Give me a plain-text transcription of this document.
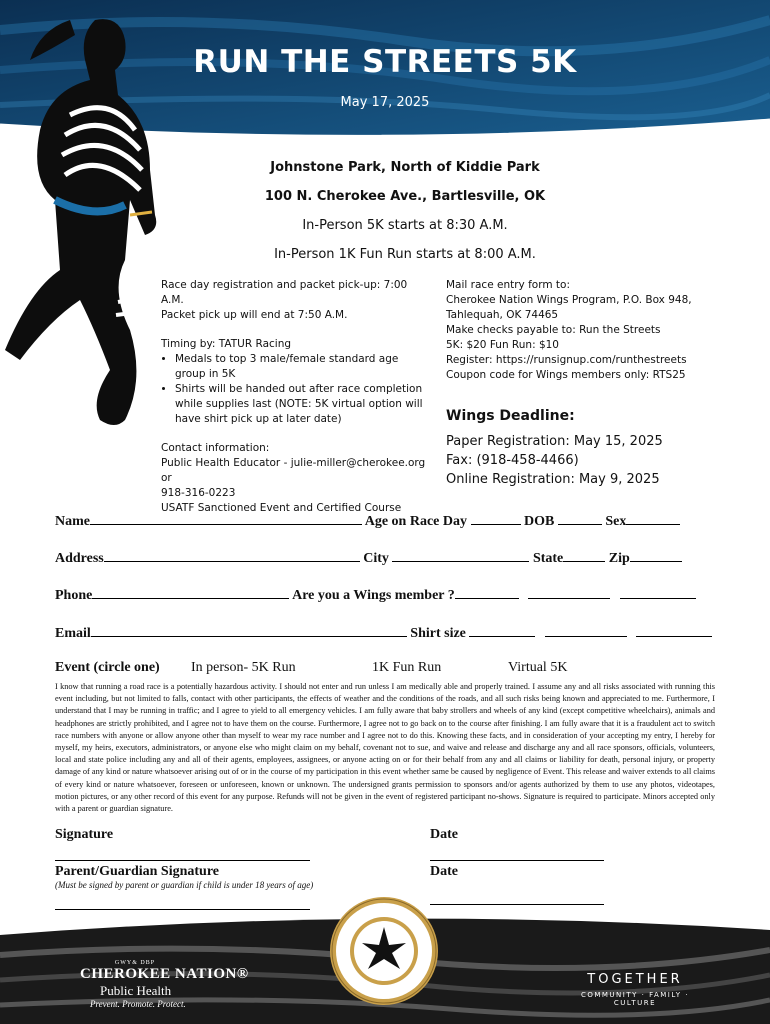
RUN THE STREETS 5K
May 17, 2025
Johnstone Park, North of Kiddie Park
100 N. Cherokee Ave., Bartlesville, OK
In-Person 5K starts at 8:30 A.M.
In-Person 1K Fun Run starts at 8:00 A.M.

Race day registration and packet pick-up: 7:00 A.M.

Packet pick up will end at 7:50 A.M.

Timing by: TATUR Racing

• Medals to top 3 male/female standard age group in 5K
• Shirts will be handed out after race completion while supplies last (NOTE: 5K virtual option will have shirt pick up at later date)

Contact information:

Public Health Educator - julie-miller@cherokee.org or

918-316-0223

USATF Sanctioned Event and Certified Course

Mail race entry form to:

Cherokee Nation Wings Program, P.O. Box 948,

Tahlequah, OK 74465

Make checks payable to: Run the Streets

5K: $20 Fun Run: $10

Register: https://runsignup.com/runthestreets

Coupon code for Wings members only: RTS25

Wings Deadline:
Paper Registration: May 15, 2025
Fax: (918-458-4466)
Online Registration: May 9, 2025
Name	Age on Race Day	DOB	Sex
Address	City	State	Zip
Phone	Are you a Wings member ?
Email	Shirt size
Event (circle one) In person- 5K Run	1K Fun Run	Virtual 5K
I know that running a road race is a potentially hazardous activity. I should not enter and run unless I am medically able and properly trained. I assume any and all risks associated with running this event including, but not limited to falls, contact with other participants, the effects of weather and the conditions of the roads, and all such risks being known and appreciated to me. Furthermore, I understand that I may be running in traffic; and I agree to yield to all emergency vehicles. I am fully aware that baby strollers and wheels of any kind (except competitive wheelchairs), animals and headphones are strictly prohibited, and I agree not to have them on the course. Furthermore, I agree not to go back on to the course after finishing. I am fully aware that it is a fraudulent act to switch race numbers with anyone or allow anyone other than myself to wear my race number and I agree not to do this. Knowing these facts, and in consideration of your accepting my entry, I hereby for myself, my heirs, executors, administrators, or anyone else who might claim on my behalf, covenant not to sue, and waive and release and discharge any and all race sponsors, officials, volunteers, local and state police including any and all of their agents, employees, assignees, or anyone acting on or for their behalf from any and all claims or liability for death, personal injury, or property damage of any kind or nature whatsoever arising out of or in the course of my participation in this event whether same be caused by negligence of Event. This release and waiver extends to all claims of every kind or nature whatsoever, foreseen or unforeseen, known or unknown. The undersigned grants permission to sponsors and/or agents authorized by them to use any photos, videotapes, motion pictures, or any other record of this event for any purpose. Refunds will not be given in the event of registered participant no-shows. Signature is required to participate. Minors accepted only with a parent or guardian signature.
Signature	Date
Parent/Guardian Signature	Date
(Must be signed by parent or guardian if child is under 18 years of age)
GWY& DBP
CHEROKEE NATION®
Public Health
Prevent. Promote. Protect.
TOGETHER
COMMUNITY · FAMILY · CULTURE
